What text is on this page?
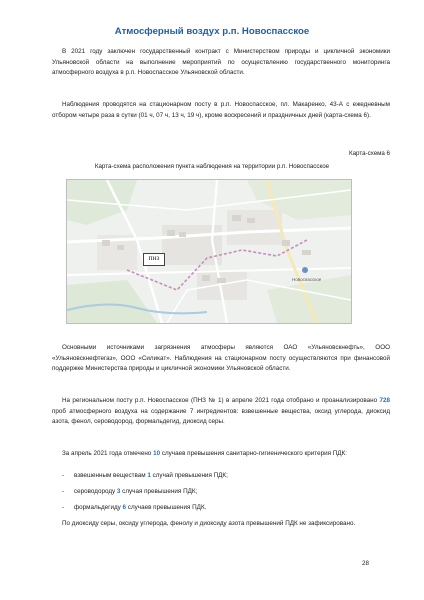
Атмосферный воздух р.п. Новоспасское

В 2021 году заключен государственный контракт с Министерством природы и цикличной экономики Ульяновской области на выполнение мероприятий по осуществлению государственного мониторинга атмосферного воздуха в р.п. Новоспасское Ульяновской области.

Наблюдения проводятся на стационарном посту в р.п. Новоспасское, пл. Макаренко, 43-А с ежедневным отбором четыре раза в сутки (01 ч, 07 ч, 13 ч, 19 ч), кроме воскресений и праздничных дней (карта-схема 6).

Карта-схема 6
Карта-схема расположения пункта наблюдения на территории р.п. Новоспасское
Новоспасское
ПНЗ

Основными источниками загрязнения атмосферы являются ОАО «Ульяновскнефть», ООО «Ульяновскнефтегаз», ООО «Силикат». Наблюдения на стационарном посту осуществляются при финансовой поддержке Министерства природы и цикличной экономики Ульяновской области.

На региональном посту р.п. Новоспасское (ПНЗ № 1) в апреле 2021 года отобрано и проанализировано 728 проб атмосферного воздуха на содержание 7 ингредиентов: взвешенные вещества, оксид углерода, диоксид азота, фенол, сероводород, формальдегид, диоксид серы.

За апрель 2021 года отмечено 10 случаев превышения санитарно-гигиенического критерия ПДК:

- взвешенным веществам 1 случай превышения ПДК;
- сероводороду 3 случая превышения ПДК;
- формальдегиду 6 случаев превышения ПДК.

По диоксиду серы, оксиду углерода, фенолу и диоксиду азота превышений ПДК не зафиксировано.

28
